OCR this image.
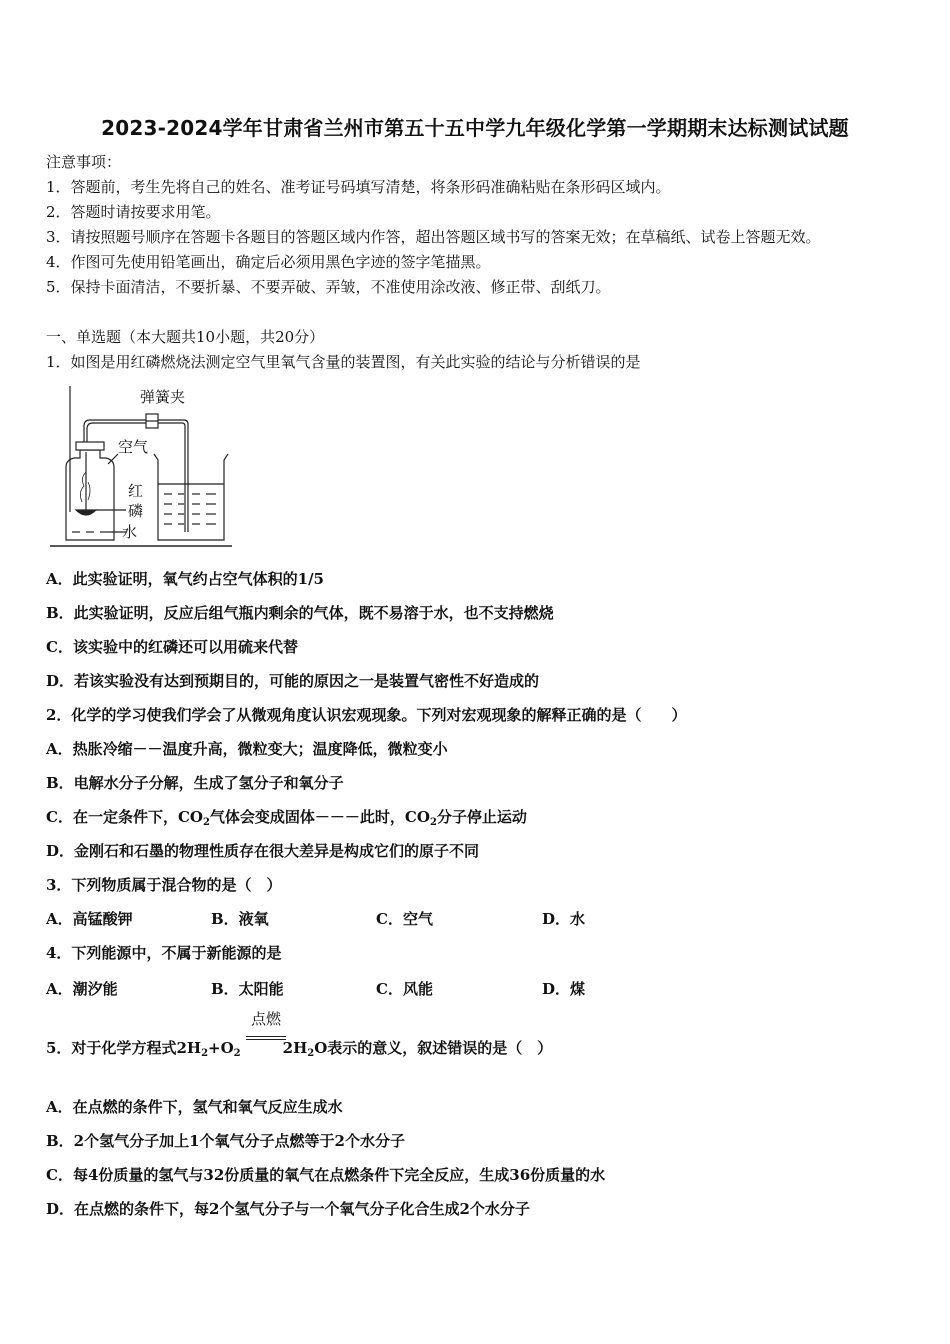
2023-2024学年甘肃省兰州市第五十五中学九年级化学第一学期期末达标测试试题
注意事项：
1．答题前，考生先将自己的姓名、准考证号码填写清楚，将条形码准确粘贴在条形码区域内。
2．答题时请按要求用笔。
3．请按照题号顺序在答题卡各题目的答题区域内作答，超出答题区域书写的答案无效；在草稿纸、试卷上答题无效。
4．作图可先使用铅笔画出，确定后必须用黑色字迹的签字笔描黑。
5．保持卡面清洁，不要折暴、不要弄破、弄皱，不准使用涂改液、修正带、刮纸刀。
一、单选题（本大题共10小题，共20分）
1．如图是用红磷燃烧法测定空气里氧气含量的装置图，有关此实验的结论与分析错误的是
弹簧夹
空气
红
磷
水
A．此实验证明，氧气约占空气体积的1/5
B．此实验证明，反应后组气瓶内剩余的气体，既不易溶于水，也不支持燃烧
C．该实验中的红磷还可以用硫来代替
D．若该实验没有达到预期目的，可能的原因之一是装置气密性不好造成的
2．化学的学习使我们学会了从微观角度认识宏观现象。下列对宏观现象的解释正确的是（　　）
A．热胀冷缩－－温度升高，微粒变大；温度降低，微粒变小
B．电解水分子分解，生成了氢分子和氧分子
C．在一定条件下，$CO_2$气体会变成固体－－－此时，$CO_2$分子停止运动
D．金刚石和石墨的物理性质存在很大差异是构成它们的原子不同
3．下列物质属于混合物的是（　）
A．高锰酸钾	B．液氧	C．空气	D．水
4．下列能源中，不属于新能源的是
A．潮汐能	B．太阳能	C．风能	D．煤
5．对于化学方程式$2H_2+O_2$	$2H_2O$表示的意义，叙述错误的是（　）
点燃
A．在点燃的条件下，氢气和氧气反应生成水
B．2个氢气分子加上1个氧气分子点燃等于2个水分子
C．每4份质量的氢气与32份质量的氧气在点燃条件下完全反应，生成36份质量的水
D．在点燃的条件下，每2个氢气分子与一个氧气分子化合生成2个水分子
